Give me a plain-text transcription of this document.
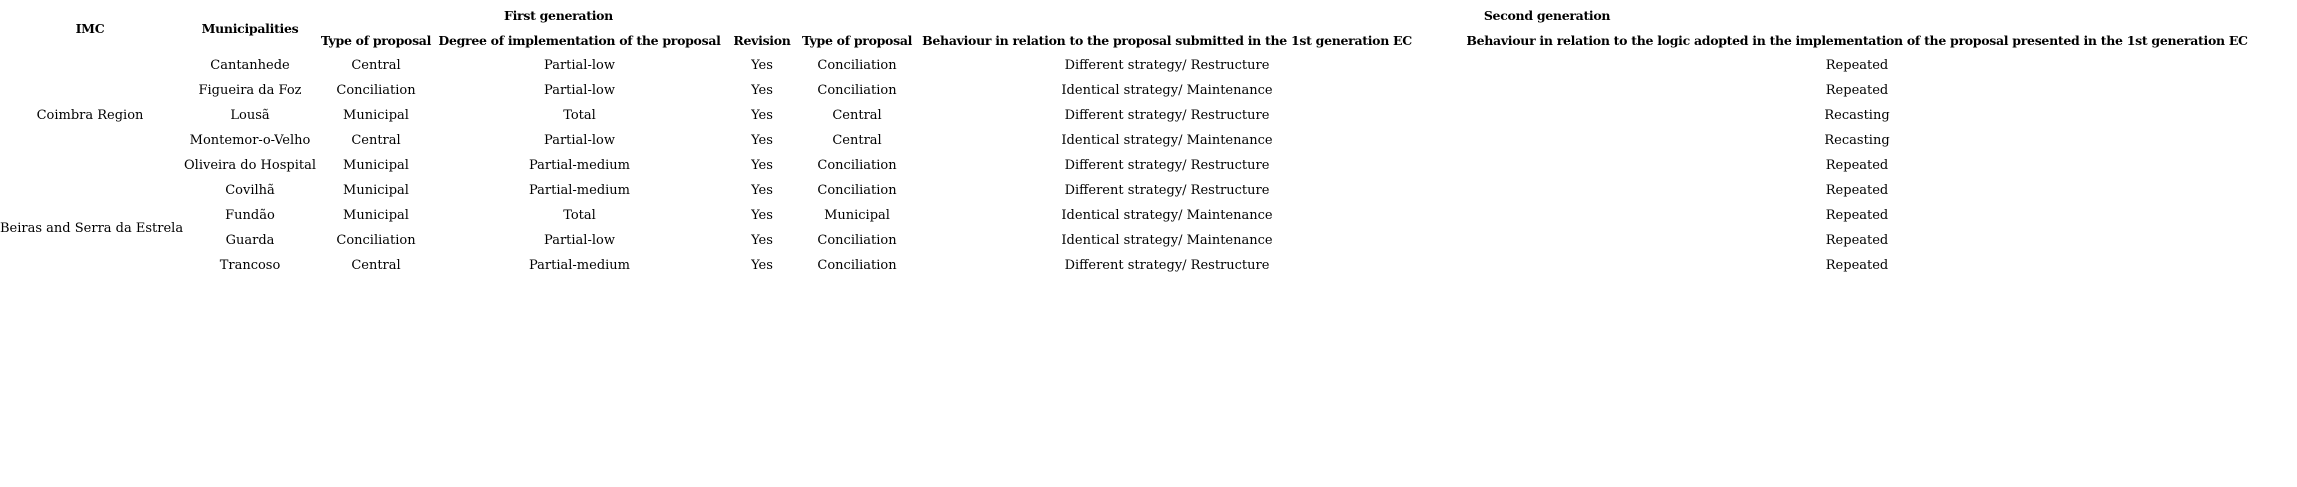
IMC	Municipalities	First generation			Second generation		
		Type of proposal	Degree of implementation of the proposal	Revision	Type of proposal	Behaviour in relation to the proposal submitted in the 1st generation EC	Behaviour in relation to the logic adopted in the implementation of the proposal presented in the 1st generation EC
Coimbra Region	Cantanhede	Central	Partial-low	Yes	Conciliation	Different strategy/ Restructure	Repeated
	Figueira da Foz	Conciliation	Partial-low	Yes	Conciliation	Identical strategy/ Maintenance	Repeated
	Lousã	Municipal	Total	Yes	Central	Different strategy/ Restructure	Recasting
	Montemor-o-Velho	Central	Partial-low	Yes	Central	Identical strategy/ Maintenance	Recasting
	Oliveira do Hospital	Municipal	Partial-medium	Yes	Conciliation	Different strategy/ Restructure	Repeated
Beiras and Serra da Estrela	Covilhã	Municipal	Partial-medium	Yes	Conciliation	Different strategy/ Restructure	Repeated
	Fundão	Municipal	Total	Yes	Municipal	Identical strategy/ Maintenance	Repeated
	Guarda	Conciliation	Partial-low	Yes	Conciliation	Identical strategy/ Maintenance	Repeated
	Trancoso	Central	Partial-medium	Yes	Conciliation	Different strategy/ Restructure	Repeated
